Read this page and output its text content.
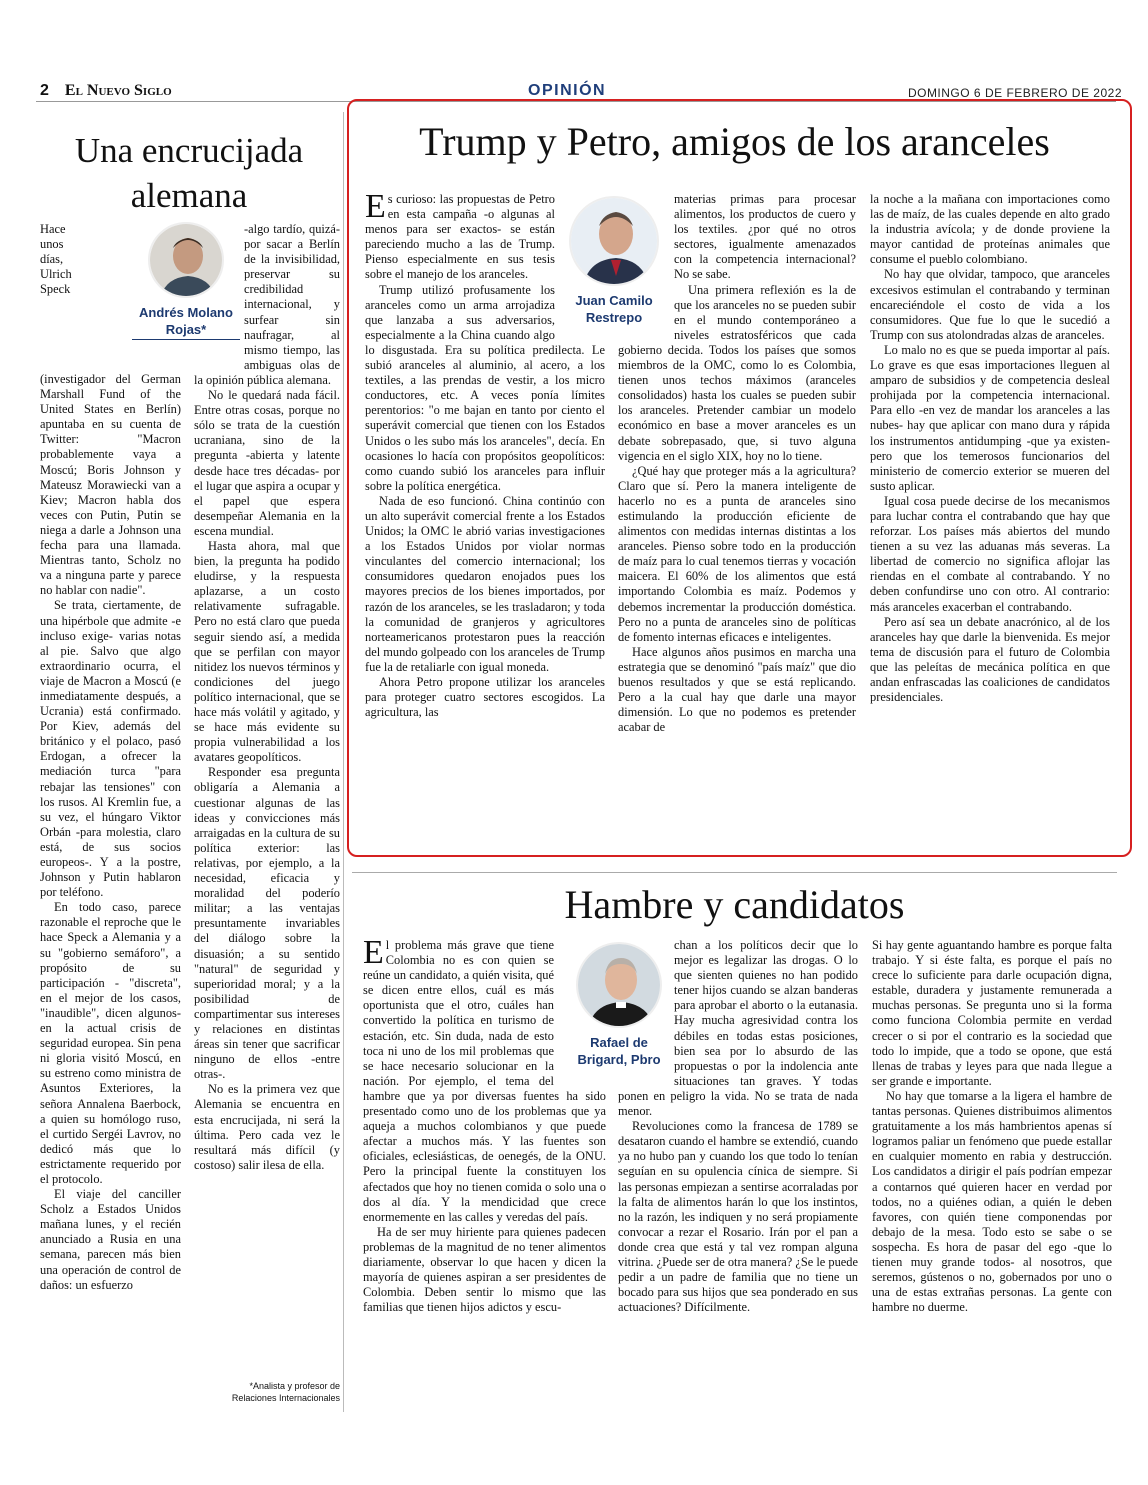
2 El Nuevo Siglo	OPINIÓN	DOMINGO 6 DE FEBRERO DE 2022
Una encrucijada
alemana
Andrés Molano Rojas*

Hace unos días, Ulrich Speck (investigador del German Marshall Fund of the United States en Berlín) apuntaba en su cuenta de Twitter: "Macron probablemente vaya a Moscú; Boris Johnson y Mateusz Morawiecki van a Kiev; Macron habla dos veces con Putin, Putin se niega a darle a Johnson una fecha para una llamada. Mientras tanto, Scholz no va a ninguna parte y parece no hablar con nadie".

Se trata, ciertamente, de una hipérbole que admite -e incluso exige- varias notas al pie. Salvo que algo extraordinario ocurra, el viaje de Macron a Moscú (e inmediatamente después, a Ucrania) está confirmado. Por Kiev, además del británico y el polaco, pasó Erdogan, a ofrecer la mediación turca "para rebajar las tensiones" con los rusos. Al Kremlin fue, a su vez, el húngaro Viktor Orbán -para molestia, claro está, de sus socios europeos-. Y a la postre, Johnson y Putin hablaron por teléfono.

En todo caso, parece razonable el reproche que le hace Speck a Alemania y a su "gobierno semáforo", a propósito de su participación - "discreta", en el mejor de los casos, "inaudible", dicen algunos- en la actual crisis de seguridad europea. Sin pena ni gloria visitó Moscú, en su estreno como ministra de Asuntos Exteriores, la señora Annalena Baerbock, a quien su homólogo ruso, el curtido Sergéi Lavrov, no dedicó más que lo estrictamente requerido por el protocolo.

El viaje del canciller Scholz a Estados Unidos mañana lunes, y el recién anunciado a Rusia en una semana, parecen más bien una operación de control de daños: un esfuerzo

-algo tardío, quizá- por sacar a Berlín de la invisibilidad, preservar su credibilidad internacional, y surfear sin naufragar, al mismo tiempo, las ambiguas olas de la opinión pública alemana.

No le quedará nada fácil. Entre otras cosas, porque no sólo se trata de la cuestión ucraniana, sino de la pregunta -abierta y latente desde hace tres décadas- por el lugar que aspira a ocupar y el papel que espera desempeñar Alemania en la escena mundial.

Hasta ahora, mal que bien, la pregunta ha podido eludirse, y la respuesta aplazarse, a un costo relativamente sufragable. Pero no está claro que pueda seguir siendo así, a medida que se perfilan con mayor nitidez los nuevos términos y condiciones del juego político internacional, que se hace más volátil y agitado, y se hace más evidente su propia vulnerabilidad a los avatares geopolíticos.

Responder esa pregunta obligaría a Alemania a cuestionar algunas de las ideas y convicciones más arraigadas en la cultura de su política exterior: las relativas, por ejemplo, a la necesidad, eficacia y moralidad del poderío militar; a las ventajas presuntamente invariables del diálogo sobre la disuasión; a su sentido "natural" de seguridad y superioridad moral; y a la posibilidad de compartimentar sus intereses y relaciones en distintas áreas sin tener que sacrificar ninguno de ellos -entre otras-.

No es la primera vez que Alemania se encuentra en esta encrucijada, ni será la última. Pero cada vez le resultará más difícil (y costoso) salir ilesa de ella.

*Analista y profesor de Relaciones Internacionales
Trump y Petro, amigos de los aranceles
Juan Camilo
Restrepo

Es curioso: las propuestas de Petro en esta campaña -o algunas al menos para ser exactos- se están pareciendo mucho a las de Trump. Pienso especialmente en sus tesis sobre el manejo de los aranceles.

Trump utilizó profusamente los aranceles como un arma arrojadiza que lanzaba a sus adversarios, especialmente a la China cuando algo lo disgustada. Era su política predilecta. Le subió aranceles al aluminio, al acero, a los textiles, a las prendas de vestir, a los micro conductores, etc. A veces ponía límites perentorios: "o me bajan en tanto por ciento el superávit comercial que tienen con los Estados Unidos o les subo más los aranceles", decía. En ocasiones lo hacía con propósitos geopolíticos: como cuando subió los aranceles para influir sobre la política energética.

Nada de eso funcionó. China continúo con un alto superávit comercial frente a los Estados Unidos; la OMC le abrió varias investigaciones a los Estados Unidos por violar normas vinculantes del comercio internacional; los consumidores quedaron enojados pues los mayores precios de los bienes importados, por razón de los aranceles, se les trasladaron; y toda la comunidad de granjeros y agricultores norteamericanos protestaron pues la reacción del mundo golpeado con los aranceles de Trump fue la de retaliarle con igual moneda.

Ahora Petro propone utilizar los aranceles para proteger cuatro sectores escogidos. La agricultura, las

materias primas para procesar alimentos, los productos de cuero y los textiles. ¿por qué no otros sectores, igualmente amenazados con la competencia internacional? No se sabe.

Una primera reflexión es la de que los aranceles no se pueden subir en el mundo contemporáneo a niveles estratosféricos que cada gobierno decida. Todos los países que somos miembros de la OMC, como lo es Colombia, tienen unos techos máximos (aranceles consolidados) hasta los cuales se pueden subir los aranceles. Pretender cambiar un modelo económico en base a mover aranceles es un debate sobrepasado, que, si tuvo alguna vigencia en el siglo XIX, hoy no lo tiene.

¿Qué hay que proteger más a la agricultura? Claro que sí. Pero la manera inteligente de hacerlo no es a punta de aranceles sino estimulando la producción eficiente de alimentos con medidas internas distintas a los aranceles. Pienso sobre todo en la producción de maíz para lo cual tenemos tierras y vocación maicera. El 60% de los alimentos que está importando Colombia es maíz. Podemos y debemos incrementar la producción doméstica. Pero no a punta de aranceles sino de políticas de fomento internas eficaces e inteligentes.

Hace algunos años pusimos en marcha una estrategia que se denominó "país maíz" que dio buenos resultados y que se está replicando. Pero a la cual hay que darle una mayor dimensión. Lo que no podemos es pretender acabar de

la noche a la mañana con importaciones como las de maíz, de las cuales depende en alto grado la industria avícola; y de donde proviene la mayor cantidad de proteínas animales que consume el pueblo colombiano.

No hay que olvidar, tampoco, que aranceles excesivos estimulan el contrabando y terminan encareciéndole el costo de vida a los consumidores. Que fue lo que le sucedió a Trump con sus atolondradas alzas de aranceles.

Lo malo no es que se pueda importar al país. Lo grave es que esas importaciones lleguen al amparo de subsidios y de competencia desleal prohijada por la competencia internacional. Para ello -en vez de mandar los aranceles a las nubes- hay que aplicar con mano dura y rápida los instrumentos antidumping -que ya existen- pero que los temerosos funcionarios del ministerio de comercio exterior se mueren del susto aplicar.

Igual cosa puede decirse de los mecanismos para luchar contra el contrabando que hay que reforzar. Los países más abiertos del mundo tienen a su vez las aduanas más severas. La libertad de comercio no significa aflojar las riendas en el combate al contrabando. Y no deben confundirse uno con otro. Al contrario: más aranceles exacerban el contrabando.

Pero así sea un debate anacrónico, al de los aranceles hay que darle la bienvenida. Es mejor tema de discusión para el futuro de Colombia que las peleítas de mecánica política en que andan enfrascadas las coaliciones de candidatos presidenciales.

Hambre y candidatos
Rafael de
Brigard, Pbro

El problema más grave que tiene Colombia no es con quien se reúne un candidato, a quién visita, qué se dicen entre ellos, cuál es más oportunista que el otro, cuáles han convertido la política en turismo de estación, etc. Sin duda, nada de esto toca ni uno de los mil problemas que se hace necesario solucionar en la nación. Por ejemplo, el tema del hambre que ya por diversas fuentes ha sido presentado como uno de los problemas que ya aqueja a muchos colombianos y que puede afectar a muchos más. Y las fuentes son oficiales, eclesiásticas, de oenegés, de la ONU. Pero la principal fuente la constituyen los afectados que hoy no tienen comida o solo una o dos al día. Y la mendicidad que crece enormemente en las calles y veredas del país.

Ha de ser muy hiriente para quienes padecen problemas de la magnitud de no tener alimentos diariamente, observar lo que hacen y dicen la mayoría de quienes aspiran a ser presidentes de Colombia. Deben sentir lo mismo que las familias que tienen hijos adictos y escu-

chan a los políticos decir que lo mejor es legalizar las drogas. O lo que sienten quienes no han podido tener hijos cuando se alzan banderas para aprobar el aborto o la eutanasia. Hay mucha agresividad contra los débiles en todas estas posiciones, bien sea por lo absurdo de las propuestas o por la indolencia ante situaciones tan graves. Y todas ponen en peligro la vida. No se trata de nada menor.

Revoluciones como la francesa de 1789 se desataron cuando el hambre se extendió, cuando ya no hubo pan y cuando los que todo lo tenían seguían en su opulencia cínica de siempre. Si las personas empiezan a sentirse acorraladas por la falta de alimentos harán lo que los instintos, no la razón, les indiquen y no será propiamente convocar a rezar el Rosario. Irán por el pan a donde crea que está y tal vez rompan alguna vitrina. ¿Puede ser de otra manera? ¿Se le puede pedir a un padre de familia que no tiene un bocado para sus hijos que sea ponderado en sus actuaciones? Difícilmente.

Si hay gente aguantando hambre es porque falta trabajo. Y si éste falta, es porque el país no crece lo suficiente para darle ocupación digna, estable, duradera y justamente remunerada a muchas personas. Se pregunta uno si la forma como funciona Colombia permite en verdad crecer o si por el contrario es la sociedad que todo lo impide, que a todo se opone, que está llenas de trabas y leyes para que nada llegue a ser grande e importante.

No hay que tomarse a la ligera el hambre de tantas personas. Quienes distribuimos alimentos gratuitamente a los más hambrientos apenas sí logramos paliar un fenómeno que puede estallar en cualquier momento en rabia y destrucción. Los candidatos a dirigir el país podrían empezar a contarnos qué quieren hacer en verdad por todos, no a quiénes odian, a quién le deben favores, con quién tiene componendas por debajo de la mesa. Todo esto se sabe o se sospecha. Es hora de pasar del ego -que lo tienen muy grande todos- al nosotros, que seremos, gústenos o no, gobernados por uno o una de estas extrañas personas. La gente con hambre no duerme.
